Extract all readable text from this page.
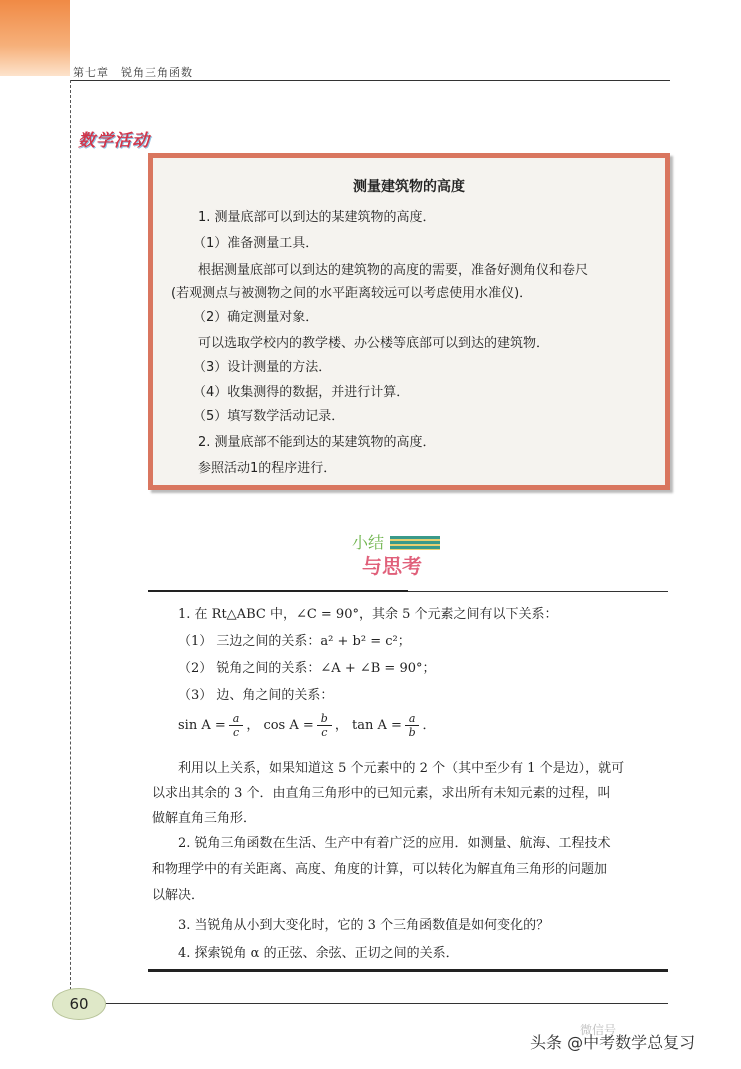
第七章　锐角三角函数
数学活动
测量建筑物的高度
1. 测量底部可以到达的某建筑物的高度．
（1）准备测量工具．
根据测量底部可以到达的建筑物的高度的需要，准备好测角仪和卷尺
(若观测点与被测物之间的水平距离较远可以考虑使用水准仪)．
（2）确定测量对象．
可以选取学校内的教学楼、办公楼等底部可以到达的建筑物．
（3）设计测量的方法．
（4）收集测得的数据，并进行计算．
（5）填写数学活动记录．
2. 测量底部不能到达的某建筑物的高度．
参照活动1的程序进行．
小结
与思考
1. 在 Rt△ABC 中，∠C = 90°，其余 5 个元素之间有以下关系：
（1） 三边之间的关系：a² + b² = c²；
（2） 锐角之间的关系：∠A + ∠B = 90°；
（3） 边、角之间的关系：
$\sin A = \frac{a}{c}$ ， $\cos A = \frac{b}{c}$ ， $\tan A = \frac{a}{b}$ ．
利用以上关系，如果知道这 5 个元素中的 2 个（其中至少有 1 个是边），就可
以求出其余的 3 个．由直角三角形中的已知元素，求出所有未知元素的过程，叫
做解直角三角形．
2. 锐角三角函数在生活、生产中有着广泛的应用．如测量、航海、工程技术
和物理学中的有关距离、高度、角度的计算，可以转化为解直角三角形的问题加
以解决．
3. 当锐角从小到大变化时，它的 3 个三角函数值是如何变化的？
4. 探索锐角 α 的正弦、余弦、正切之间的关系．
60
微信号
头条 @中考数学总复习
